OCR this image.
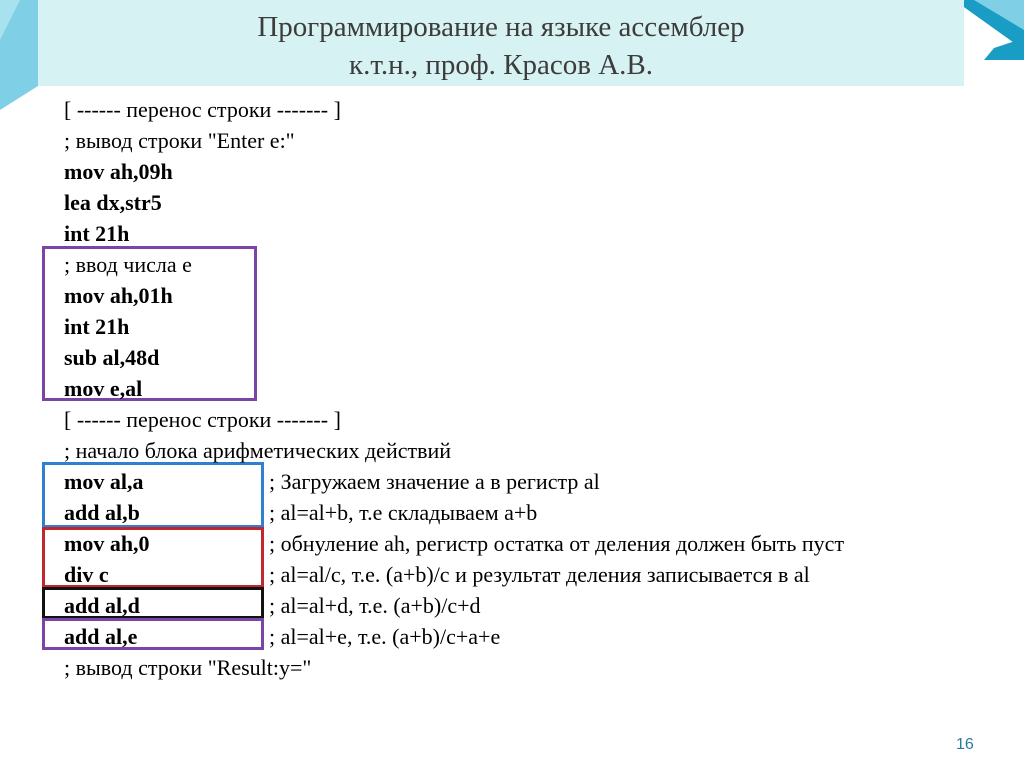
Программирование на языке ассемблер
к.т.н., проф. Красов А.В.
[ ------ перенос строки ------- ]
; вывод строки "Enter e:"
mov ah,09h
lea dx,str5
int 21h
; ввод числа e
mov ah,01h
int 21h
sub al,48d
mov e,al
[ ------ перенос строки ------- ]
; начало блока арифметических действий
mov al,a	; Загружаем значение a в регистр al
add al,b	; al=al+b, т.е складываем a+b
mov ah,0	; обнуление ah, регистр остатка от деления должен быть пуст
div c	; al=al/c, т.е. (a+b)/c и результат деления записывается в al
add al,d	; al=al+d, т.е. (a+b)/c+d
add al,e	; al=al+e, т.е. (a+b)/c+a+e
; вывод строки "Result:y="
16
